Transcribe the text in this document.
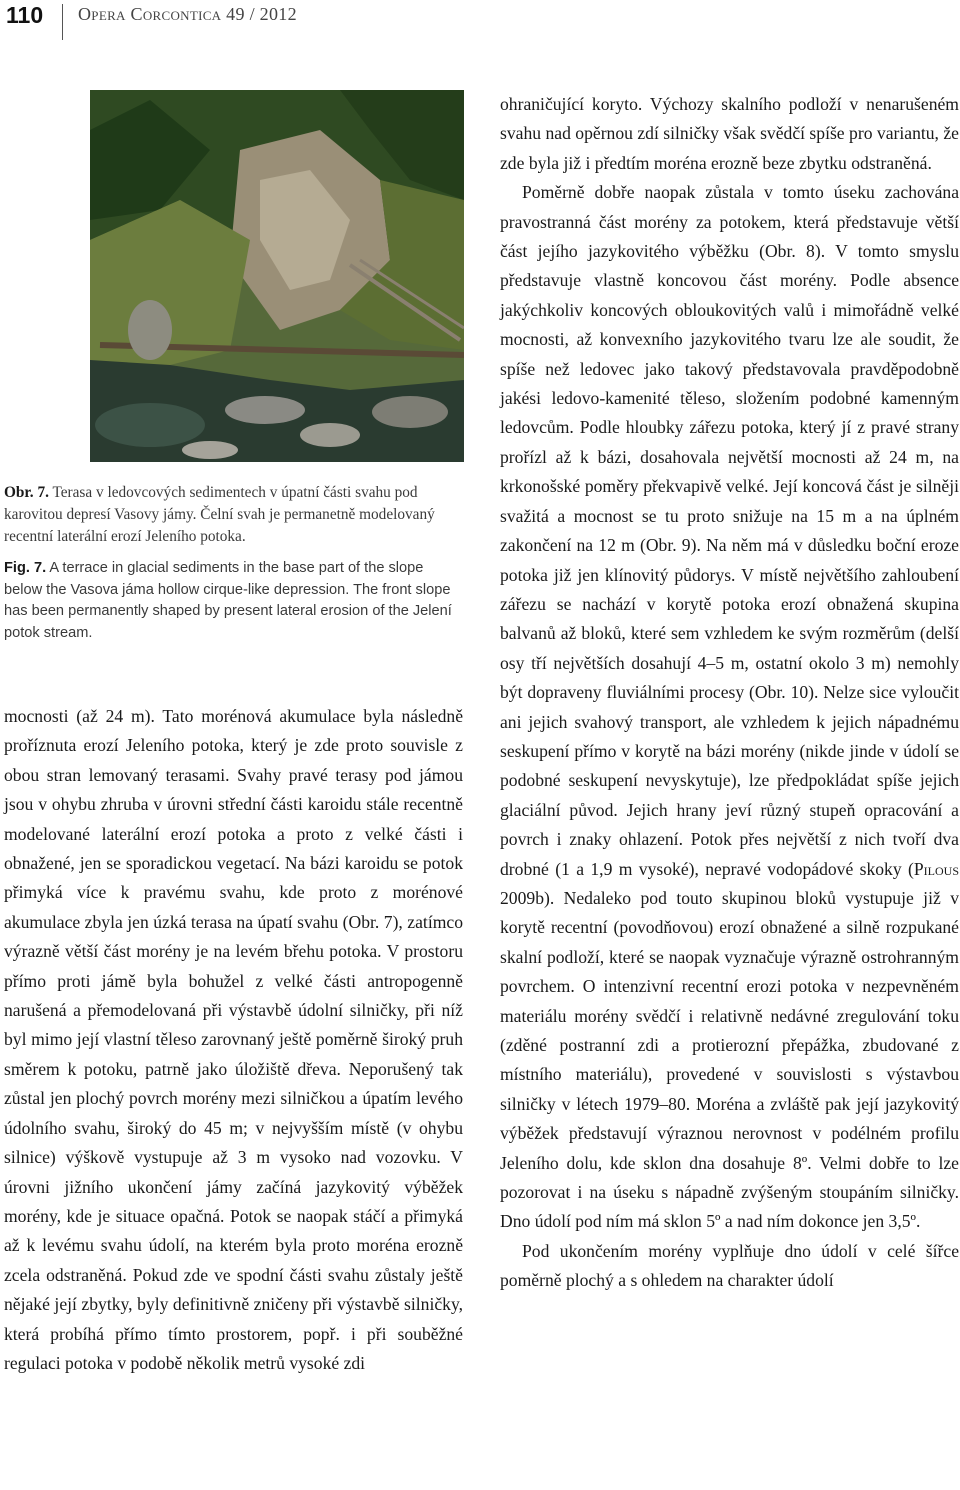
110 Opera Corcontica 49 / 2012

Obr. 7. Terasa v ledovcových sedimentech v úpatní části svahu pod karovitou depresí Vasovy jámy. Čelní svah je permanetně modelovaný recentní laterální erozí Jeleního potoka.

Fig. 7. A terrace in glacial sediments in the base part of the slope below the Vasova jáma hollow cirque-like depression. The front slope has been permanently shaped by present lateral erosion of the Jelení potok stream.

mocnosti (až 24 m). Tato morénová akumulace byla následně proříznuta erozí Jeleního potoka, který je zde proto souvisle z obou stran lemovaný terasami. Svahy pravé terasy pod jámou jsou v ohybu zhruba v úrovni střední části karoidu stále recentně modelované laterální erozí potoka a proto z velké části i obnažené, jen se sporadickou vegetací. Na bázi karoidu se potok přimyká více k pravému svahu, kde proto z morénové akumulace zbyla jen úzká terasa na úpatí svahu (Obr. 7), zatímco výrazně větší část morény je na levém břehu potoka. V prostoru přímo proti jámě byla bohužel z velké části antropogenně narušená a přemodelovaná při výstavbě údolní silničky, při níž byl mimo její vlastní těleso zarovnaný ještě poměrně široký pruh směrem k potoku, patrně jako úložiště dřeva. Neporušený tak zůstal jen plochý povrch morény mezi silničkou a úpatím levého údolního svahu, široký do 45 m; v nejvyšším místě (v ohybu silnice) výškově vystupuje až 3 m vysoko nad vozovku. V úrovni jižního ukončení jámy začíná jazykovitý výběžek morény, kde je situace opačná. Potok se naopak stáčí a přimyká až k levému svahu údolí, na kterém byla proto moréna erozně zcela odstraněná. Pokud zde ve spodní části svahu zůstaly ještě nějaké její zbytky, byly definitivně zničeny při výstavbě silničky, která probíhá přímo tímto prostorem, popř. i při souběžné regulaci potoka v podobě několik metrů vysoké zdi

ohraničující koryto. Výchozy skalního podloží v nenarušeném svahu nad opěrnou zdí silničky však svědčí spíše pro variantu, že zde byla již i předtím moréna erozně beze zbytku odstraněná.

Poměrně dobře naopak zůstala v tomto úseku zachována pravostranná část morény za potokem, která představuje větší část jejího jazykovitého výběžku (Obr. 8). V tomto smyslu představuje vlastně koncovou část morény. Podle absence jakýchkoliv koncových obloukovitých valů i mimořádně velké mocnosti, až konvexního jazykovitého tvaru lze ale soudit, že spíše než ledovec jako takový představovala pravděpodobně jakési ledovo-kamenité těleso, složením podobné kamenným ledovcům. Podle hloubky zářezu potoka, který jí z pravé strany prořízl až k bázi, dosahovala největší mocnosti až 24 m, na krkonošské poměry překvapivě velké. Její koncová část je silněji svažitá a mocnost se tu proto snižuje na 15 m a na úplném zakončení na 12 m (Obr. 9). Na něm má v důsledku boční eroze potoka již jen klínovitý půdorys. V místě největšího zahloubení zářezu se nachází v korytě potoka erozí obnažená skupina balvanů až bloků, které sem vzhledem ke svým rozměrům (delší osy tří největších dosahují 4–5 m, ostatní okolo 3 m) nemohly být dopraveny fluviálními procesy (Obr. 10). Nelze sice vyloučit ani jejich svahový transport, ale vzhledem k jejich nápadnému seskupení přímo v korytě na bázi morény (nikde jinde v údolí se podobné seskupení nevyskytuje), lze předpokládat spíše jejich glaciální původ. Jejich hrany jeví různý stupeň opracování a povrch i znaky ohlazení. Potok přes největší z nich tvoří dva drobné (1 a 1,9 m vysoké), nepravé vodopádové skoky (Pilous 2009b). Nedaleko pod touto skupinou bloků vystupuje již v korytě recentní (povodňovou) erozí obnažené a silně rozpukané skalní podloží, které se naopak vyznačuje výrazně ostrohranným povrchem. O intenzivní recentní erozi potoka v nezpevněném materiálu morény svědčí i relativně nedávné zregulování toku (zděné postranní zdi a protierozní přepážka, zbudované z místního materiálu), provedené v souvislosti s výstavbou silničky v létech 1979–80. Moréna a zvláště pak její jazykovitý výběžek představují výraznou nerovnost v podélném profilu Jeleního dolu, kde sklon dna dosahuje 8º. Velmi dobře to lze pozorovat i na úseku s nápadně zvýšeným stoupáním silničky. Dno údolí pod ním má sklon 5º a nad ním dokonce jen 3,5º.

Pod ukončením morény vyplňuje dno údolí v celé šířce poměrně plochý a s ohledem na charakter údolí
